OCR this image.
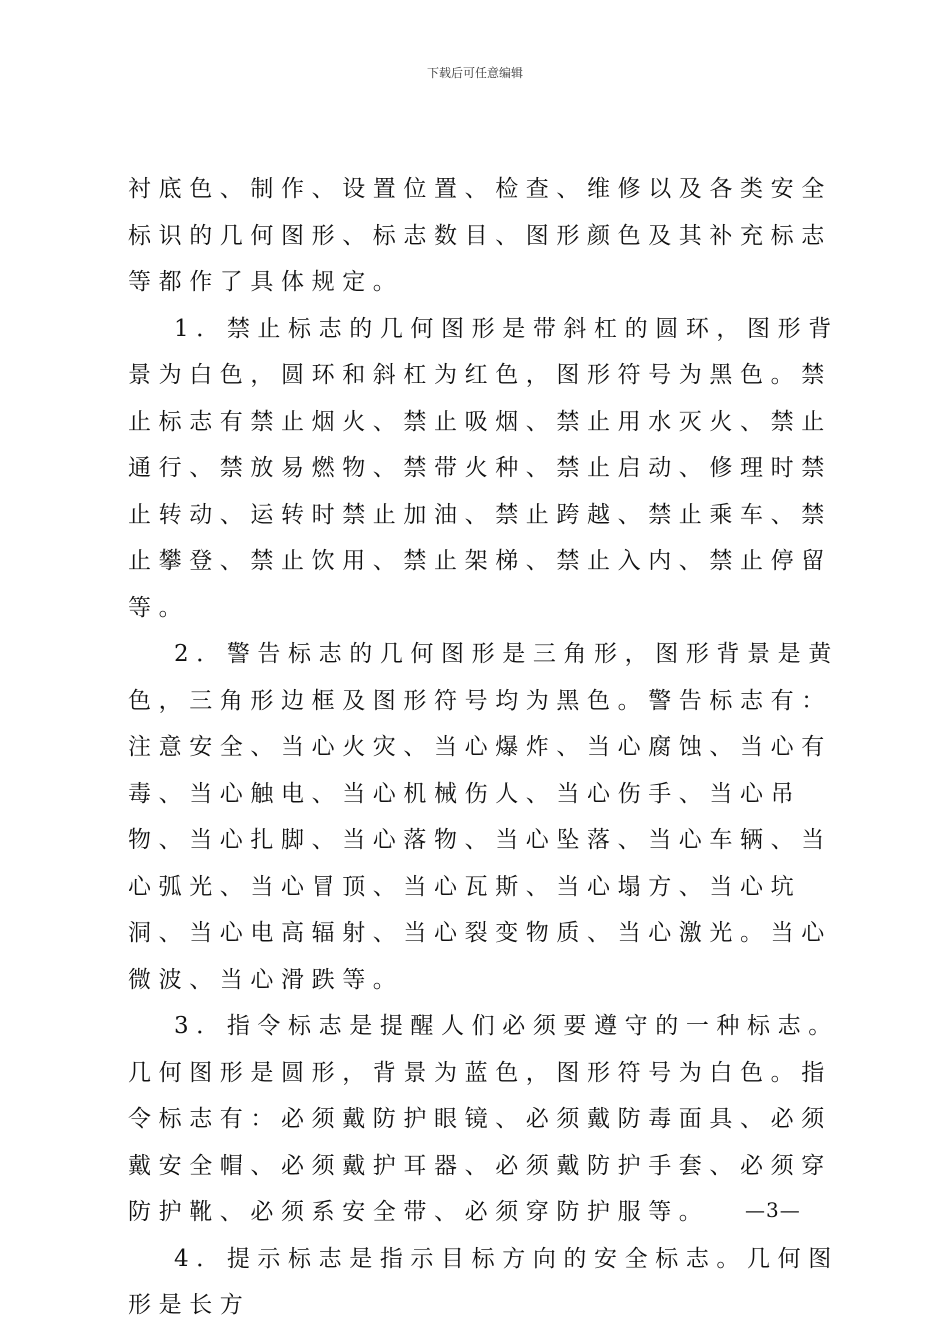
下载后可任意编辑

衬底色、制作、设置位置、检查、维修以及各类安全标识的几何图形、标志数目、图形颜色及其补充标志等都作了具体规定。

1．禁止标志的几何图形是带斜杠的圆环，图形背景为白色，圆环和斜杠为红色，图形符号为黑色。禁止标志有禁止烟火、禁止吸烟、禁止用水灭火、禁止通行、禁放易燃物、禁带火种、禁止启动、修理时禁止转动、运转时禁止加油、禁止跨越、禁止乘车、禁止攀登、禁止饮用、禁止架梯、禁止入内、禁止停留等。

2．警告标志的几何图形是三角形，图形背景是黄色，三角形边框及图形符号均为黑色。警告标志有：注意安全、当心火灾、当心爆炸、当心腐蚀、当心有毒、当心触电、当心机械伤人、当心伤手、当心吊物、当心扎脚、当心落物、当心坠落、当心车辆、当心弧光、当心冒顶、当心瓦斯、当心塌方、当心坑洞、当心电高辐射、当心裂变物质、当心激光。当心微波、当心滑跌等。

3．指令标志是提醒人们必须要遵守的一种标志。几何图形是圆形，背景为蓝色，图形符号为白色。指令标志有：必须戴防护眼镜、必须戴防毒面具、必须戴安全帽、必须戴护耳器、必须戴防护手套、必须穿防护靴、必须系安全带、必须穿防护服等。

4．提示标志是指示目标方向的安全标志。几何图形是长方

—3—
